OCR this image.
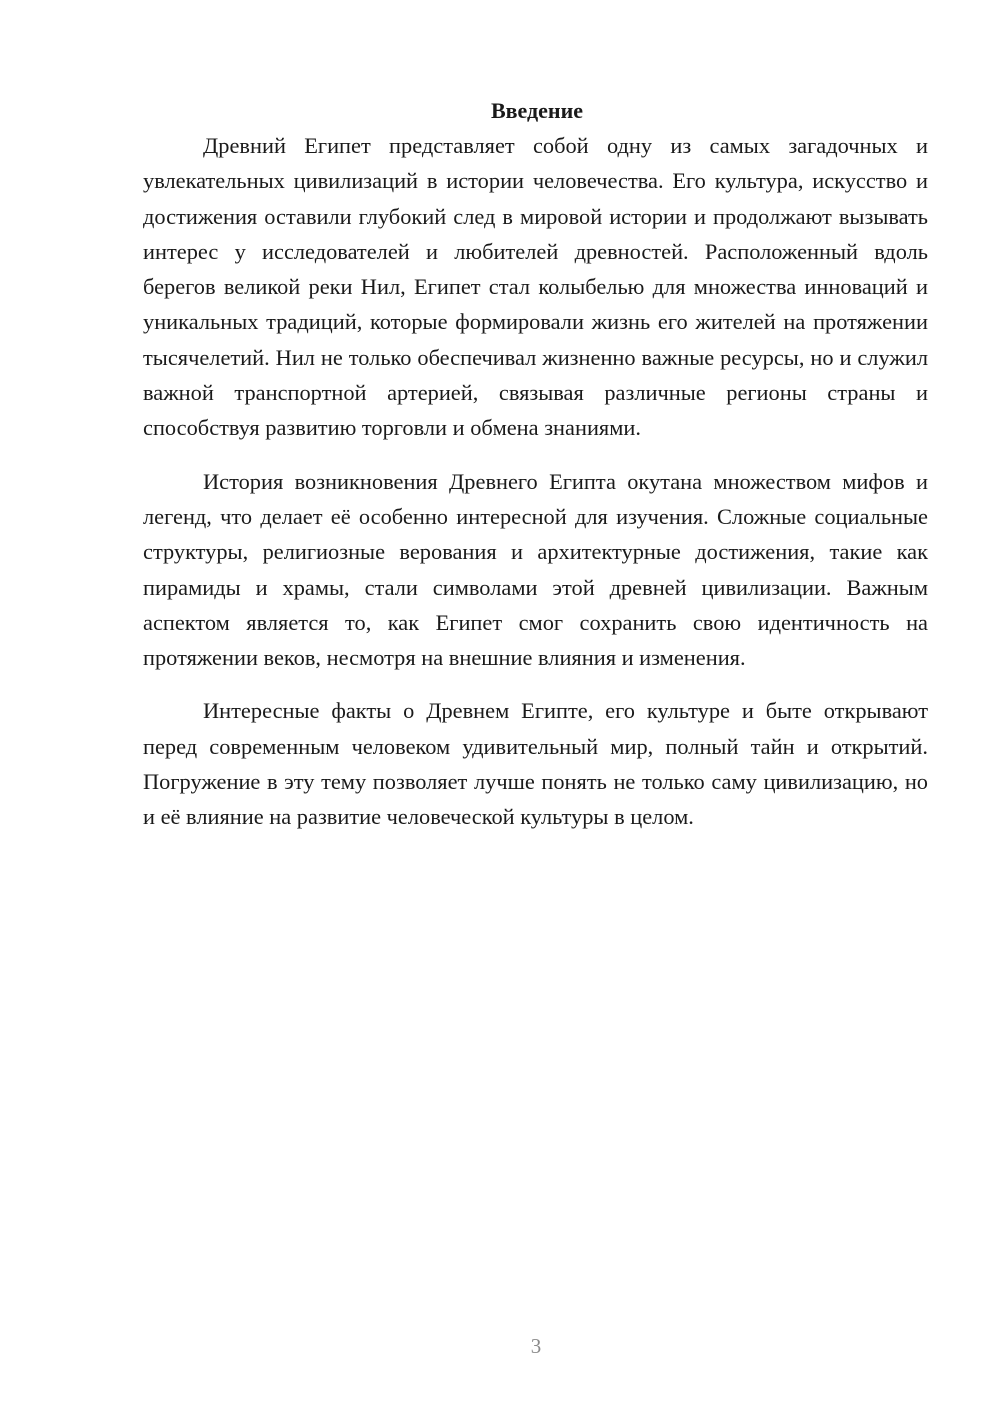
Введение

Древний Египет представляет собой одну из самых загадочных и увлекательных цивилизаций в истории человечества. Его культура, искусство и достижения оставили глубокий след в мировой истории и продолжают вызывать интерес у исследователей и любителей древностей. Расположенный вдоль берегов великой реки Нил, Египет стал колыбелью для множества инноваций и уникальных традиций, которые формировали жизнь его жителей на протяжении тысячелетий. Нил не только обеспечивал жизненно важные ресурсы, но и служил важной транспортной артерией, связывая различные регионы страны и способствуя развитию торговли и обмена знаниями.

История возникновения Древнего Египта окутана множеством мифов и легенд, что делает её особенно интересной для изучения. Сложные социальные структуры, религиозные верования и архитектурные достижения, такие как пирамиды и храмы, стали символами этой древней цивилизации. Важным аспектом является то, как Египет смог сохранить свою идентичность на протяжении веков, несмотря на внешние влияния и изменения.

Интересные факты о Древнем Египте, его культуре и быте открывают перед современным человеком удивительный мир, полный тайн и открытий. Погружение в эту тему позволяет лучше понять не только саму цивилизацию, но и её влияние на развитие человеческой культуры в целом.

3
